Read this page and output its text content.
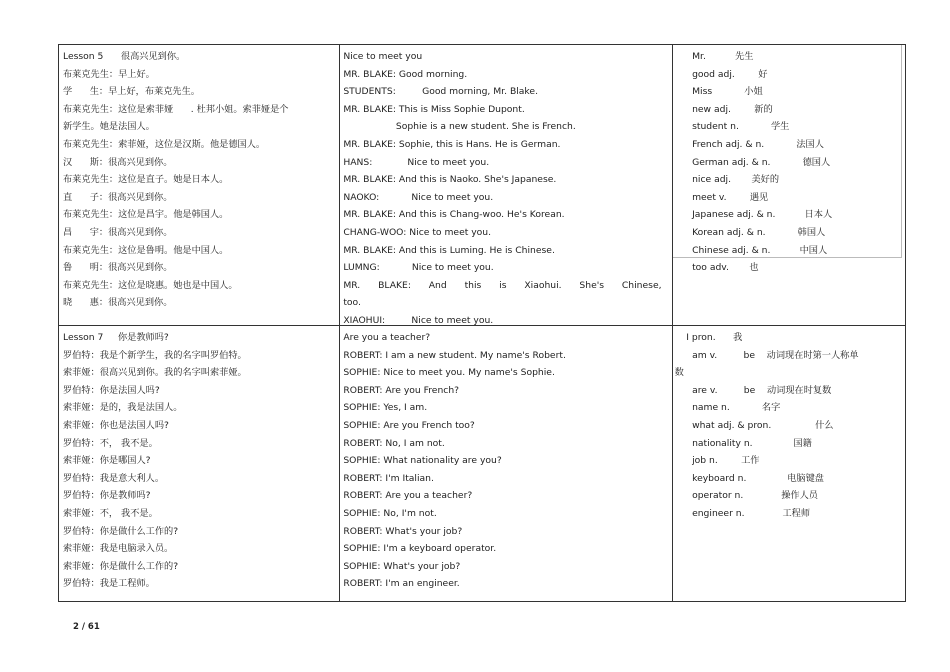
Lesson 5      很高兴见到你。
布莱克先生：早上好。
学      生：早上好，布莱克先生。
布莱克先生：这位是索菲娅      . 杜邦小姐。索菲娅是个
新学生。她是法国人。
布莱克先生：索菲娅，这位是汉斯。他是德国人。
汉      斯：很高兴见到你。
布莱克先生：这位是直子。她是日本人。
直      子：很高兴见到你。
布莱克先生：这位是昌宇。他是韩国人。
昌      宇：很高兴见到你。
布莱克先生：这位是鲁明。他是中国人。
鲁      明：很高兴见到你。
布莱克先生：这位是晓惠。她也是中国人。
晓      惠：很高兴见到你。
Nice to meet you
MR. BLAKE: Good morning.
STUDENTS:         Good morning, Mr. Blake.
MR. BLAKE: This is Miss Sophie Dupont.
Sophie is a new student. She is French.
MR. BLAKE: Sophie, this is Hans. He is German.
HANS:            Nice to meet you.
MR. BLAKE: And this is Naoko. She's Japanese.
NAOKO:           Nice to meet you.
MR. BLAKE: And this is Chang-woo. He's Korean.
CHANG-WOO: Nice to meet you.
MR. BLAKE: And this is Luming. He is Chinese.
LUMNG:           Nice to meet you.
MR. BLAKE: And this is Xiaohui. She's Chinese,
too.
XIAOHUI:         Nice to meet you.
Mr.          先生
good adj.        好
Miss           小姐
new adj.        新的
student n.           学生
French adj. & n.           法国人
German adj. & n.           德国人
nice adj.       美好的
meet v.        遇见
Japanese adj. & n.          日本人
Korean adj. & n.           韩国人
Chinese adj. & n.          中国人
too adv.       也
Lesson 7     你是教师吗?
罗伯特：我是个新学生，我的名字叫罗伯特。
索菲娅：很高兴见到你。我的名字叫索菲娅。
罗伯特：你是法国人吗?
索菲娅：是的，我是法国人。
索菲娅：你也是法国人吗?
罗伯特：不， 我不是。
索菲娅：你是哪国人?
罗伯特：我是意大利人。
罗伯特：你是教师吗?
索菲娅：不， 我不是。
罗伯特：你是做什么工作的?
索菲娅：我是电脑录入员。
索菲娅：你是做什么工作的?
罗伯特：我是工程师。
Are you a teacher?
ROBERT: I am a new student. My name's Robert.
SOPHIE: Nice to meet you. My name's Sophie.
ROBERT: Are you French?
SOPHIE: Yes, I am.
SOPHIE: Are you French too?
ROBERT: No, I am not.
SOPHIE: What nationality are you?
ROBERT: I'm Italian.
ROBERT: Are you a teacher?
SOPHIE: No, I'm not.
ROBERT: What's your job?
SOPHIE: I'm a keyboard operator.
SOPHIE: What's your job?
ROBERT: I'm an engineer.
I pron.      我
am v.         be    动词现在时第一人称单
数
are v.         be    动词现在时复数
name n.           名字
what adj. & pron.               什么
nationality n.              国籍
job n.        工作
keyboard n.              电脑键盘
operator n.             操作人员
engineer n.             工程师
2 / 61
